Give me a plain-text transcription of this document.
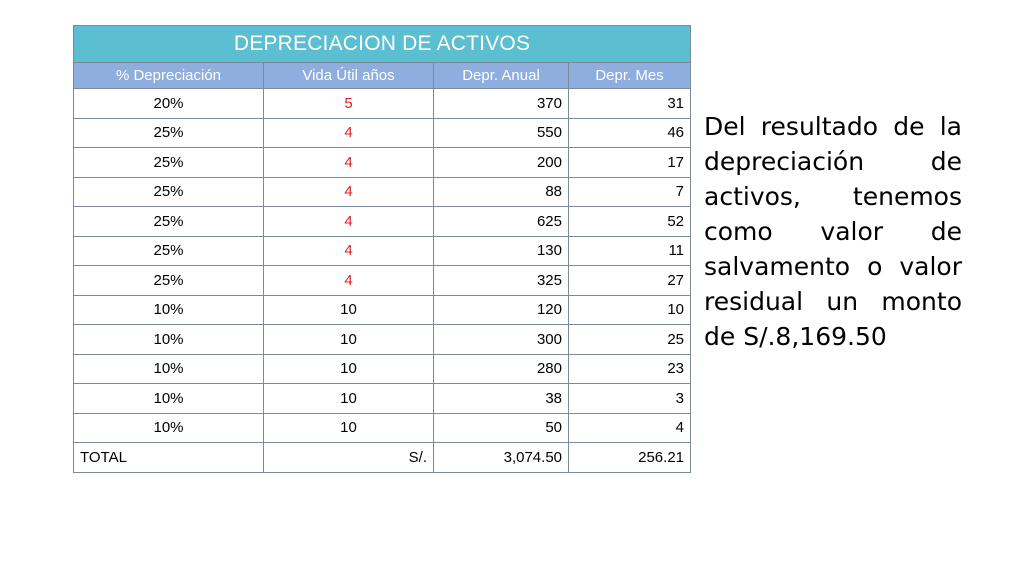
DEPRECIACION DE ACTIVOS			
% Depreciación	Vida Útil años	Depr. Anual	Depr. Mes
20%	5	370	31
25%	4	550	46
25%	4	200	17
25%	4	88	7
25%	4	625	52
25%	4	130	11
25%	4	325	27
10%	10	120	10
10%	10	300	25
10%	10	280	23
10%	10	38	3
10%	10	50	4
TOTAL	S/.	3,074.50	256.21

Del resultado de la depreciación de activos, tenemos como valor de salvamento o valor residual un monto de S/.8,169.50
